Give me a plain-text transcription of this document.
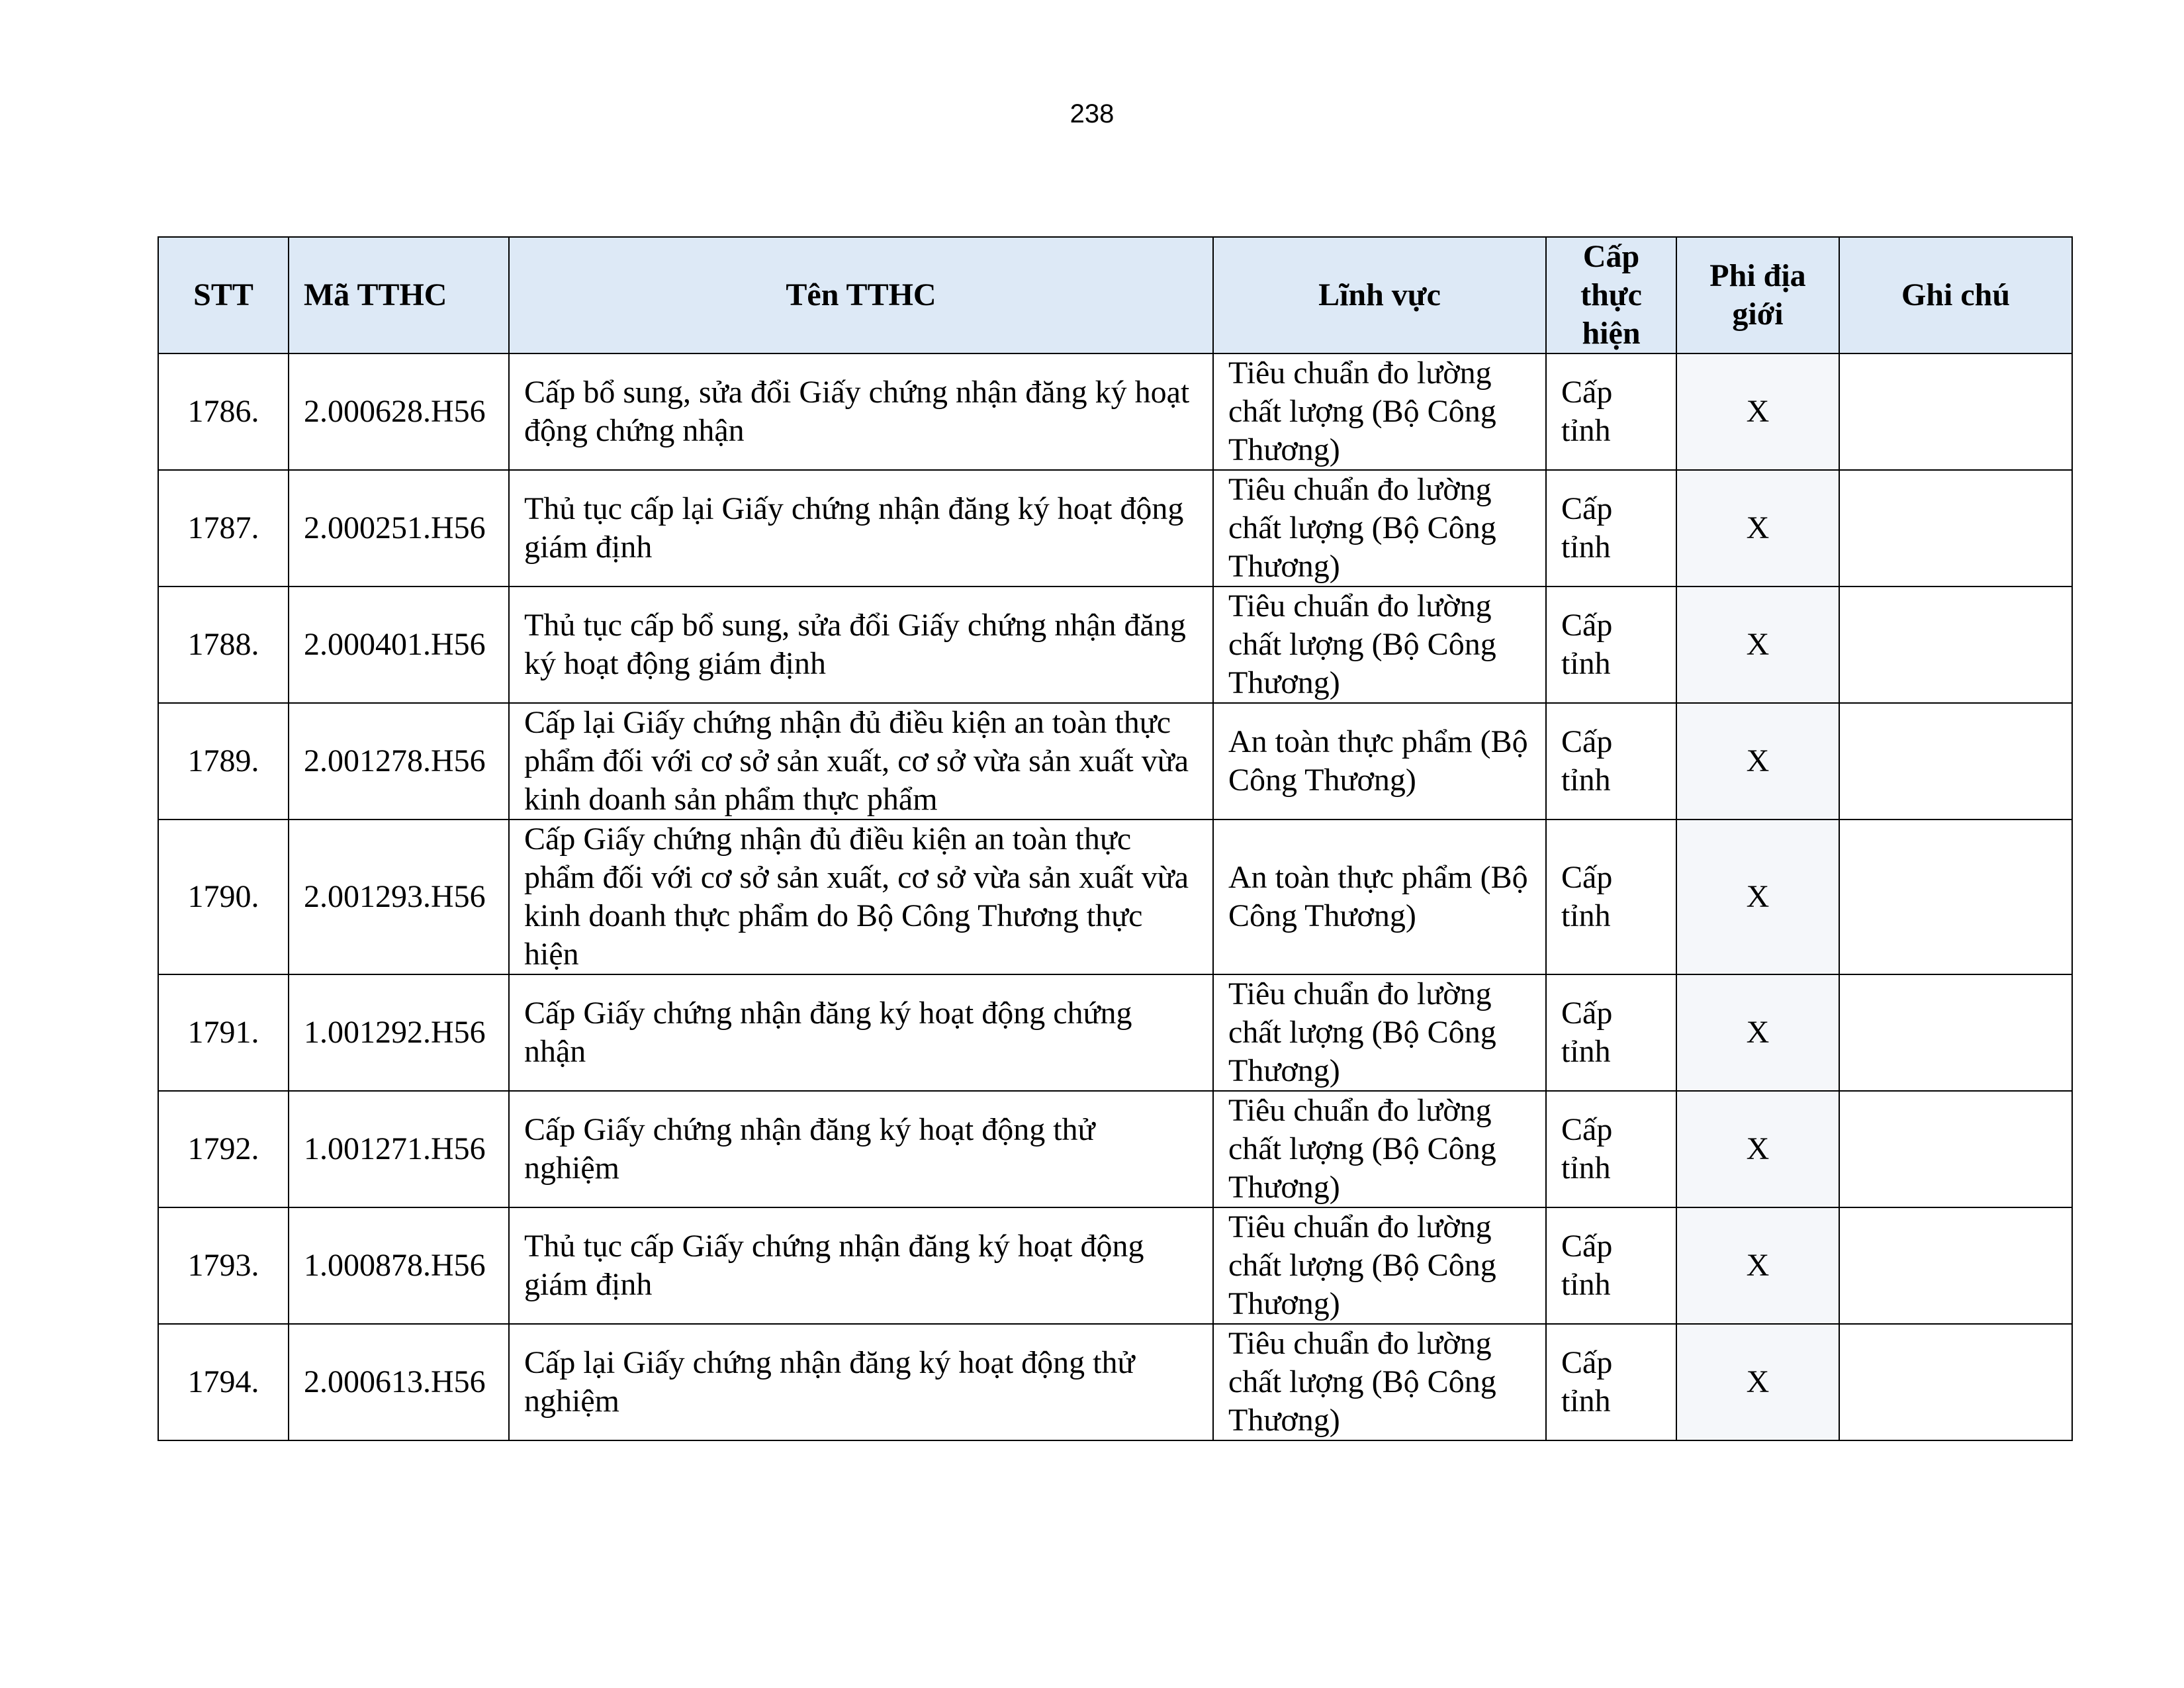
238
STT	Mã TTHC	Tên TTHC	Lĩnh vực	Cấp thực hiện	Phi địa giới	Ghi chú
1786.	2.000628.H56	Cấp bổ sung, sửa đổi Giấy chứng nhận đăng ký hoạt động chứng nhận	Tiêu chuẩn đo lường chất lượng (Bộ Công Thương)	Cấp tỉnh	X	
1787.	2.000251.H56	Thủ tục cấp lại Giấy chứng nhận đăng ký hoạt động giám định	Tiêu chuẩn đo lường chất lượng (Bộ Công Thương)	Cấp tỉnh	X	
1788.	2.000401.H56	Thủ tục cấp bổ sung, sửa đổi Giấy chứng nhận đăng ký hoạt động giám định	Tiêu chuẩn đo lường chất lượng (Bộ Công Thương)	Cấp tỉnh	X	
1789.	2.001278.H56	Cấp lại Giấy chứng nhận đủ điều kiện an toàn thực phẩm đối với cơ sở sản xuất, cơ sở vừa sản xuất vừa kinh doanh sản phẩm thực phẩm	An toàn thực phẩm (Bộ Công Thương)	Cấp tỉnh	X	
1790.	2.001293.H56	Cấp Giấy chứng nhận đủ điều kiện an toàn thực phẩm đối với cơ sở sản xuất, cơ sở vừa sản xuất vừa kinh doanh thực phẩm do Bộ Công Thương thực hiện	An toàn thực phẩm (Bộ Công Thương)	Cấp tỉnh	X	
1791.	1.001292.H56	Cấp Giấy chứng nhận đăng ký hoạt động chứng nhận	Tiêu chuẩn đo lường chất lượng (Bộ Công Thương)	Cấp tỉnh	X	
1792.	1.001271.H56	Cấp Giấy chứng nhận đăng ký hoạt động thử nghiệm	Tiêu chuẩn đo lường chất lượng (Bộ Công Thương)	Cấp tỉnh	X	
1793.	1.000878.H56	Thủ tục cấp Giấy chứng nhận đăng ký hoạt động giám định	Tiêu chuẩn đo lường chất lượng (Bộ Công Thương)	Cấp tỉnh	X	
1794.	2.000613.H56	Cấp lại Giấy chứng nhận đăng ký hoạt động thử nghiệm	Tiêu chuẩn đo lường chất lượng (Bộ Công Thương)	Cấp tỉnh	X	
